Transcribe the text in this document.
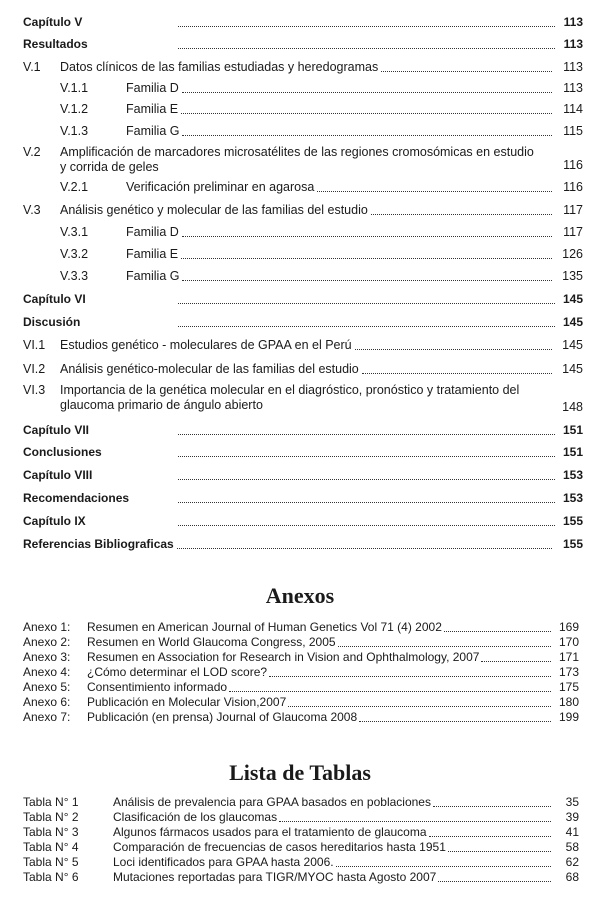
Capítulo V	113
Resultados	113
V.1	Datos clínicos de las familias estudiadas y heredogramas	113
V.1.1	Familia D	113
V.1.2	Familia E	114
V.1.3	Familia G	115
V.2	Amplificación de marcadores microsatélites de las regiones cromosómicas en estudio y corrida de geles	116
V.2.1	Verificación preliminar en agarosa	116
V.3	Análisis genético y molecular de las familias del estudio	117
V.3.1	Familia D	117
V.3.2	Familia E	126
V.3.3	Familia G	135
Capítulo VI	145
Discusión	145
VI.1	Estudios genético - moleculares de GPAA en el Perú	145
VI.2	Análisis genético-molecular de las familias del estudio	145
VI.3	Importancia de la genética molecular en el diagróstico, pronóstico y tratamiento del glaucoma primario de ángulo abierto	148
Capítulo VII	151
Conclusiones	151
Capítulo VIII	153
Recomendaciones	153
Capítulo IX	155
Referencias Bibliograficas	155
Anexos
Anexo 1:	Resumen en American Journal of Human Genetics Vol 71 (4) 2002	169
Anexo 2:	Resumen en World Glaucoma Congress, 2005	170
Anexo 3:	Resumen en Association for Research in Vision and Ophthalmology, 2007	171
Anexo 4:	¿Cómo determinar el LOD score?	173
Anexo 5:	Consentimiento informado	175
Anexo 6:	Publicación en Molecular Vision,2007	180
Anexo 7:	Publicación (en prensa) Journal of Glaucoma 2008	199
Lista de Tablas
Tabla N° 1	Análisis de prevalencia para GPAA basados en poblaciones	35
Tabla N° 2	Clasificación de los glaucomas	39
Tabla N° 3	Algunos fármacos usados para el tratamiento de glaucoma	41
Tabla N° 4	Comparación de frecuencias de casos hereditarios hasta 1951	58
Tabla N° 5	Loci identificados para GPAA hasta 2006.	62
Tabla N° 6	Mutaciones reportadas para TIGR/MYOC hasta Agosto 2007	68
